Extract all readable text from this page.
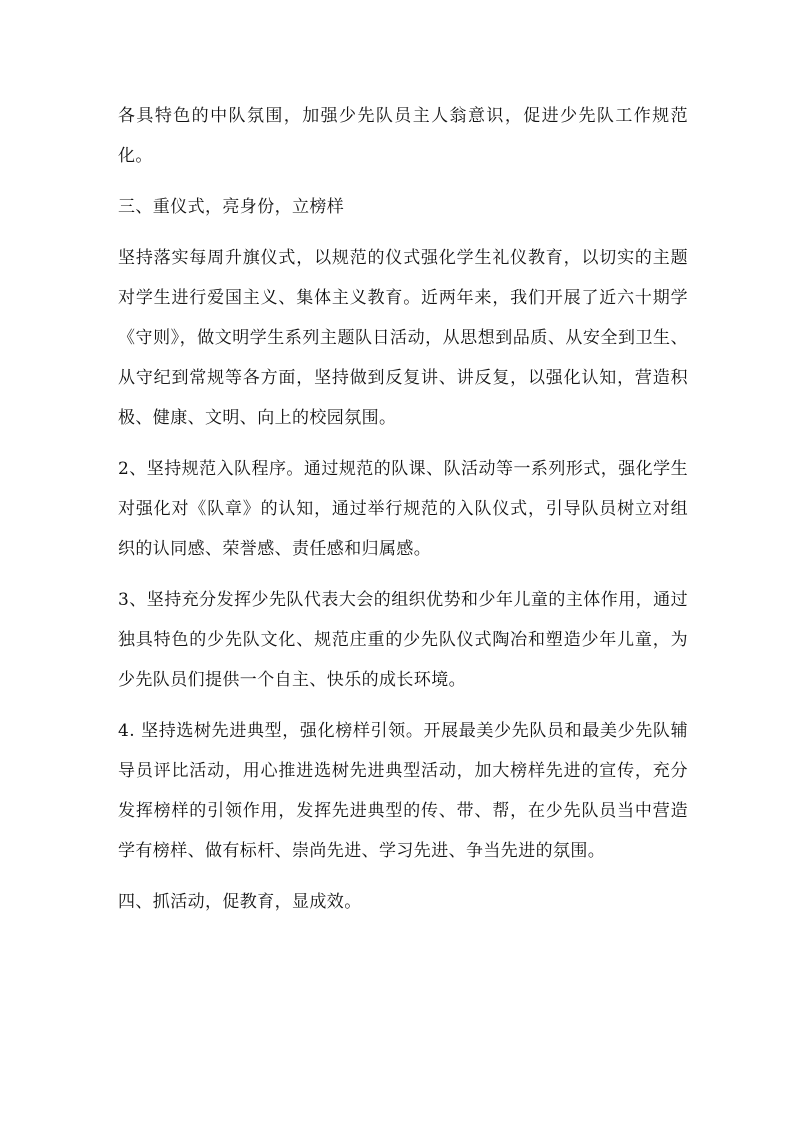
各具特色的中队氛围，加强少先队员主人翁意识，促进少先队工作规范化。

三、重仪式，亮身份，立榜样

坚持落实每周升旗仪式，以规范的仪式强化学生礼仪教育，以切实的主题对学生进行爱国主义、集体主义教育。近两年来，我们开展了近六十期学《守则》，做文明学生系列主题队日活动，从思想到品质、从安全到卫生、从守纪到常规等各方面，坚持做到反复讲、讲反复，以强化认知，营造积极、健康、文明、向上的校园氛围。

2、坚持规范入队程序。通过规范的队课、队活动等一系列形式，强化学生对强化对《队章》的认知，通过举行规范的入队仪式，引导队员树立对组织的认同感、荣誉感、责任感和归属感。

3、坚持充分发挥少先队代表大会的组织优势和少年儿童的主体作用，通过独具特色的少先队文化、规范庄重的少先队仪式陶冶和塑造少年儿童，为少先队员们提供一个自主、快乐的成长环境。

4. 坚持选树先进典型，强化榜样引领。开展最美少先队员和最美少先队辅导员评比活动，用心推进选树先进典型活动，加大榜样先进的宣传，充分发挥榜样的引领作用，发挥先进典型的传、带、帮，在少先队员当中营造学有榜样、做有标杆、崇尚先进、学习先进、争当先进的氛围。

四、抓活动，促教育，显成效。
